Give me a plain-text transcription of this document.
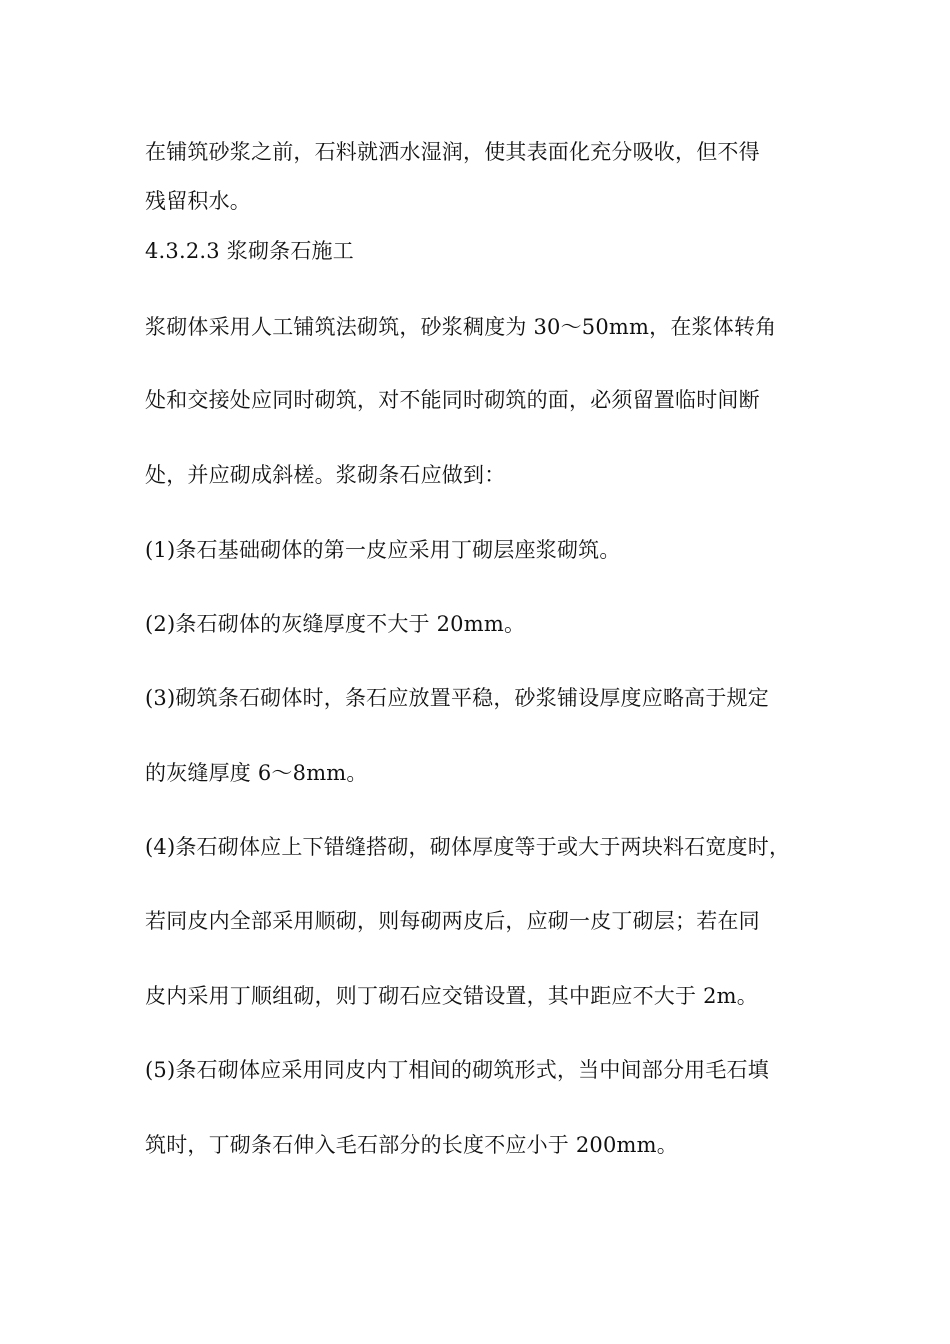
在铺筑砂浆之前，石料就洒水湿润，使其表面化充分吸收，但不得
残留积水。
4.3.2.3 浆砌条石施工
浆砌体采用人工铺筑法砌筑，砂浆稠度为 30～50mm，在浆体转角
处和交接处应同时砌筑，对不能同时砌筑的面，必须留置临时间断
处，并应砌成斜槎。浆砌条石应做到：
(1)条石基础砌体的第一皮应采用丁砌层座浆砌筑。
(2)条石砌体的灰缝厚度不大于 20mm。
(3)砌筑条石砌体时，条石应放置平稳，砂浆铺设厚度应略高于规定
的灰缝厚度 6～8mm。
(4)条石砌体应上下错缝搭砌，砌体厚度等于或大于两块料石宽度时，
若同皮内全部采用顺砌，则每砌两皮后，应砌一皮丁砌层；若在同
皮内采用丁顺组砌，则丁砌石应交错设置，其中距应不大于 2m。
(5)条石砌体应采用同皮内丁相间的砌筑形式，当中间部分用毛石填
筑时，丁砌条石伸入毛石部分的长度不应小于 200mm。
